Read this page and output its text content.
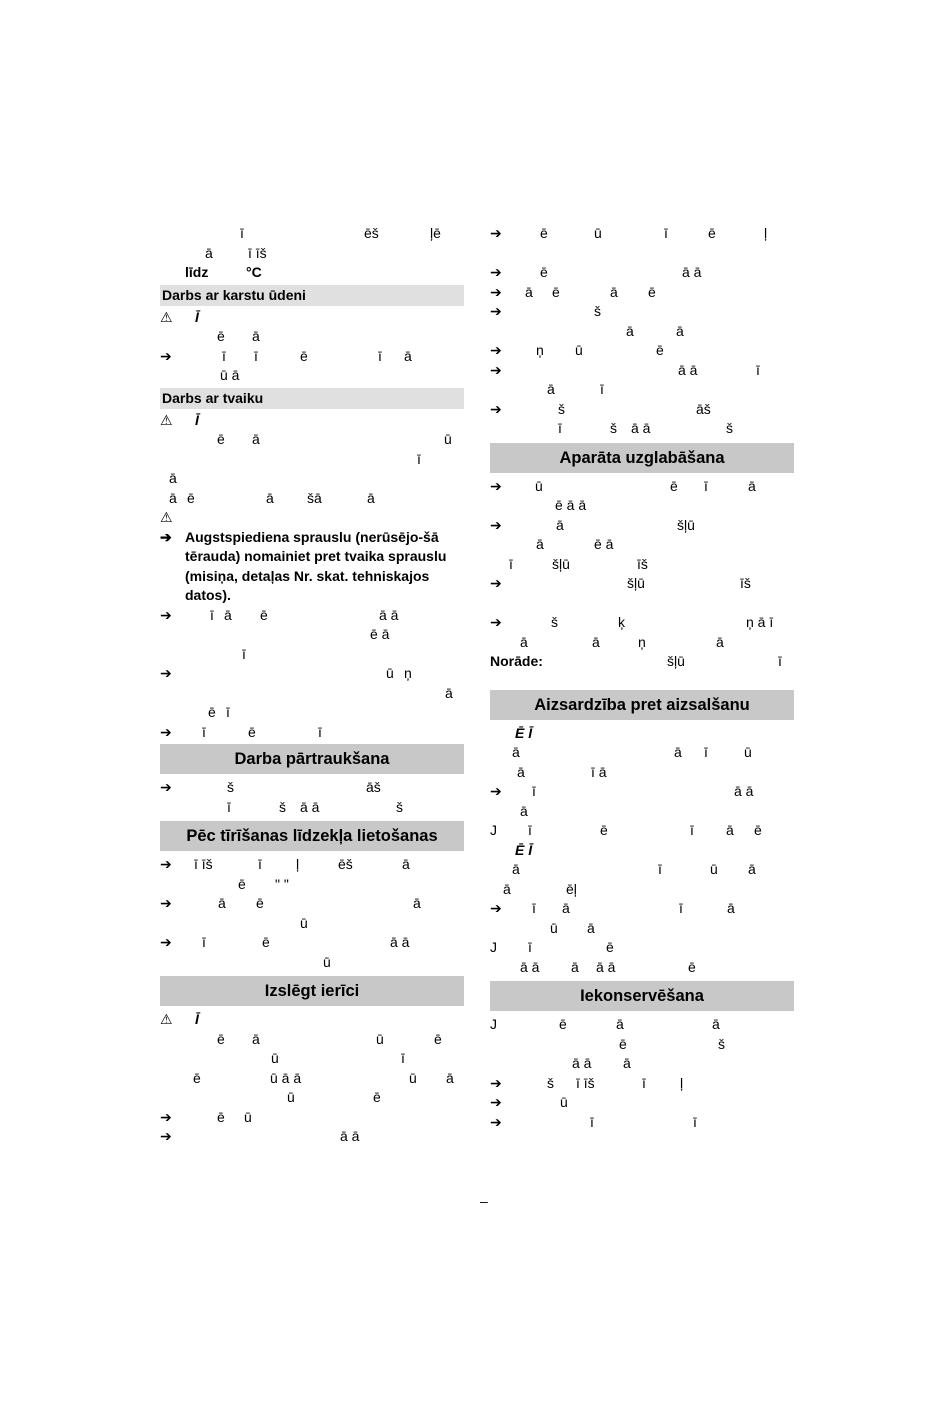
ī	ēš	ļē
ā	ī īš
līdz	°C
Darbs ar karstu ūdeni
⚠	Ī
ē ā
➔	ī ī	ē	ī ā
ū ā
Darbs ar tvaiku
⚠	Ī
ē ā	ū
ī
ā
ā ē	ā šā	ā
⚠
➔ Augstspiediena sprauslu (nerūsējo-šā tērauda) nomainiet pret tvaika sprauslu (misiņa, detaļas Nr. skat. tehniskajos datos).
➔	ī ā ē	ā ā
ē ā
ī
➔	ū ņ
ā
ē ī
➔	ī	ē	ī
Darba pārtraukšana
➔	š	āš
ī	š ā ā	š
Pēc tīrīšanas līdzekļa lietošanas
➔	ī īš	ī ļ	ēš	ā
ē " "
➔	ā ē	ā
ū
➔	ī	ē	ā ā
ū
Izslēgt ierīci
⚠	Ī
ē ā	ū	ē
ū	ī
ē	ū ā ā	ū ā
ū	ē
➔	ē ū
➔	ā ā
➔	ē	ū	ī	ē	ļ
➔	ē	ā ā
➔	ā ē	ā ē
➔	š
ā	ā
➔	ņ ū	ē
➔	ā ā	ī
ā	ī
➔	š	āš
ī	š ā ā	š
Aparāta uzglabāšana
➔	ū	ē ī	ā
ē ā ā
➔	ā	šļū
ā	ē ā
ī	šļū	īš
➔	šļū	īš
➔	š	ķ	ņ ā ī
ā	ā	ņ	ā

Norāde:

	šļū

	ī

Aizsardzība pret aizsalšanu
Ē Ī
ā	ā ī	ū
ā	ī ā
➔	ī	ā ā
ā
J ī	ē	ī ā ē
Ē Ī
ā	ī	ū ā
ā	ēļ
➔	ī ā	ī	ā
ū ā
J ī	ē
ā ā ā ā ā	ē
Iekonservēšana
J	ē	ā	ā
ē	š
ā ā ā
➔	š ī īš	ī ļ
➔	ū
➔	ī	ī
–
